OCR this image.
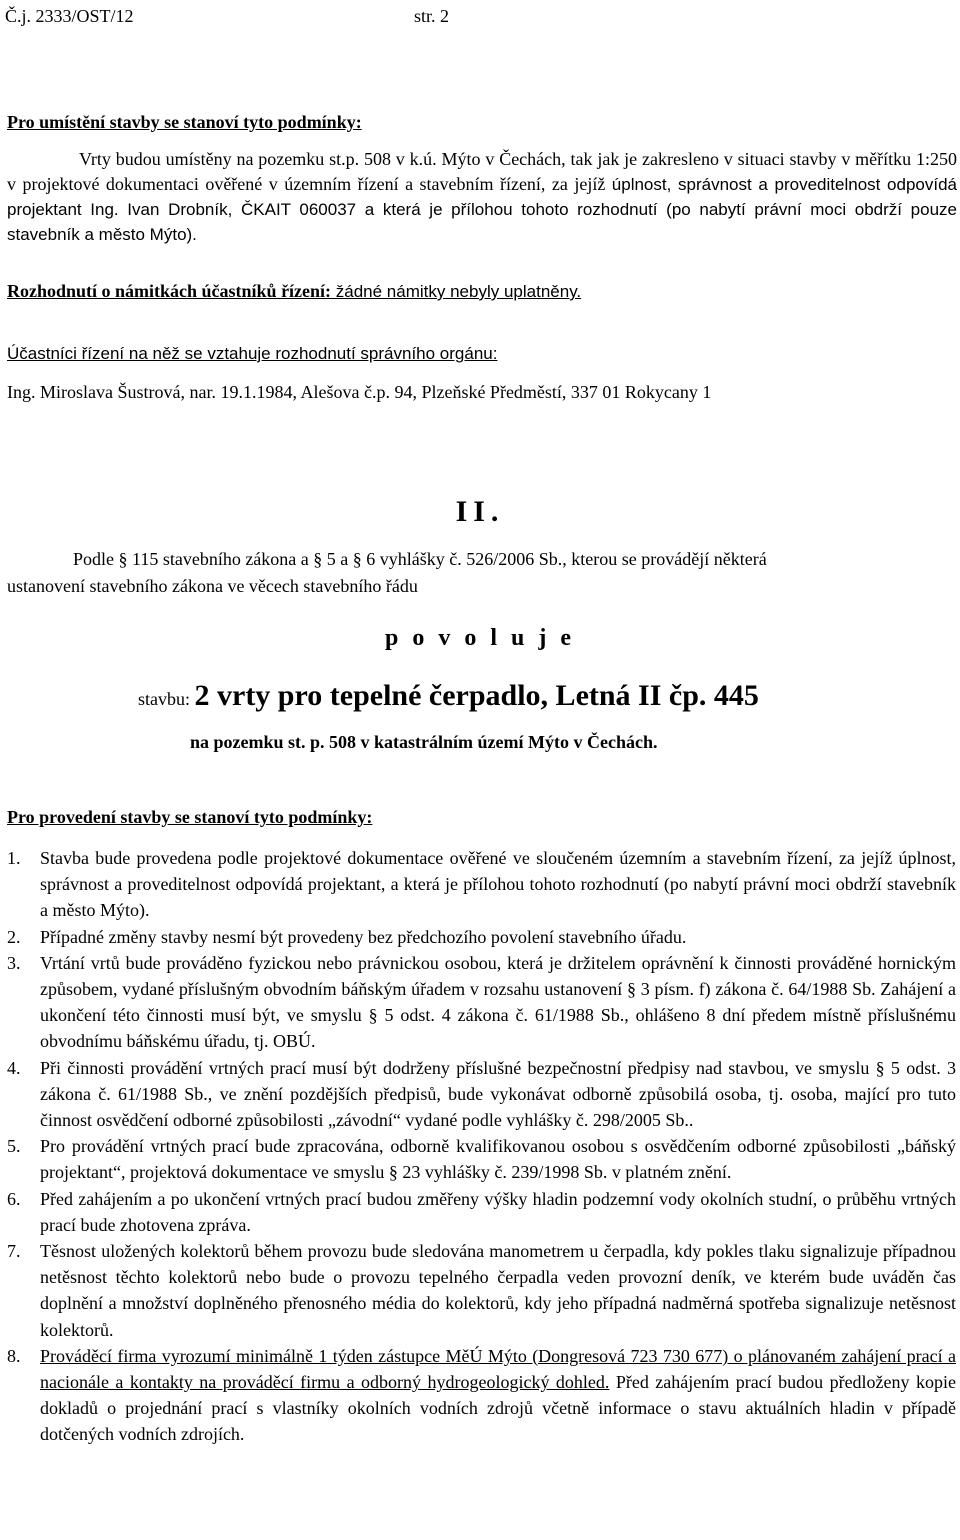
Č.j. 2333/OST/12	str. 2

Pro umístění stavby se stanoví tyto podmínky:

Vrty budou umístěny na pozemku st.p. 508 v k.ú. Mýto v Čechách, tak jak je zakresleno v situaci stavby v měřítku 1:250 v projektové dokumentaci ověřené v územním řízení a stavebním řízení, za jejíž úplnost, správnost a proveditelnost odpovídá projektant Ing. Ivan Drobník, ČKAIT 060037 a která je přílohou tohoto rozhodnutí (po nabytí právní moci obdrží pouze stavebník a město Mýto).

Rozhodnutí o námitkách účastníků řízení: žádné námitky nebyly uplatněny.

Účastníci řízení na něž se vztahuje rozhodnutí správního orgánu:

Ing. Miroslava Šustrová, nar. 19.1.1984, Alešova č.p. 94, Plzeňské Předměstí, 337 01 Rokycany 1

II.

Podle § 115 stavebního zákona a § 5 a § 6 vyhlášky č. 526/2006 Sb., kterou se provádějí některá

ustanovení stavebního zákona ve věcech stavebního řádu

p o v o l u j e

stavbu: 2 vrty pro tepelné čerpadlo, Letná II čp. 445

na pozemku st. p. 508 v katastrálním území Mýto v Čechách.

Pro provedení stavby se stanoví tyto podmínky:

1. Stavba bude provedena podle projektové dokumentace ověřené ve sloučeném územním a stavebním řízení, za jejíž úplnost, správnost a proveditelnost odpovídá projektant, a která je přílohou tohoto rozhodnutí (po nabytí právní moci obdrží stavebník a město Mýto).
2. Případné změny stavby nesmí být provedeny bez předchozího povolení stavebního úřadu.
3. Vrtání vrtů bude prováděno fyzickou nebo právnickou osobou, která je držitelem oprávnění k činnosti prováděné hornickým způsobem, vydané příslušným obvodním báňským úřadem v rozsahu ustanovení § 3 písm. f) zákona č. 64/1988 Sb. Zahájení a ukončení této činnosti musí být, ve smyslu § 5 odst. 4 zákona č. 61/1988 Sb., ohlášeno 8 dní předem místně příslušnému obvodnímu báňskému úřadu, tj. OBÚ.
4. Při činnosti provádění vrtných prací musí být dodrženy příslušné bezpečnostní předpisy nad stavbou, ve smyslu § 5 odst. 3 zákona č. 61/1988 Sb., ve znění pozdějších předpisů, bude vykonávat odborně způsobilá osoba, tj. osoba, mající pro tuto činnost osvědčení odborné způsobilosti „závodní“ vydané podle vyhlášky č. 298/2005 Sb..
5. Pro provádění vrtných prací bude zpracována, odborně kvalifikovanou osobou s osvědčením odborné způsobilosti „báňský projektant“, projektová dokumentace ve smyslu § 23 vyhlášky č. 239/1998 Sb. v platném znění.
6. Před zahájením a po ukončení vrtných prací budou změřeny výšky hladin podzemní vody okolních studní, o průběhu vrtných prací bude zhotovena zpráva.
7. Těsnost uložených kolektorů během provozu bude sledována manometrem u čerpadla, kdy pokles tlaku signalizuje případnou netěsnost těchto kolektorů nebo bude o provozu tepelného čerpadla veden provozní deník, ve kterém bude uváděn čas doplnění a množství doplněného přenosného média do kolektorů, kdy jeho případná nadměrná spotřeba signalizuje netěsnost kolektorů.
8. Prováděcí firma vyrozumí minimálně 1 týden zástupce MěÚ Mýto (Dongresová 723 730 677) o plánovaném zahájení prací a nacionále a kontakty na prováděcí firmu a odborný hydrogeologický dohled. Před zahájením prací budou předloženy kopie dokladů o projednání prací s vlastníky okolních vodních zdrojů včetně informace o stavu aktuálních hladin v případě dotčených vodních zdrojích.
